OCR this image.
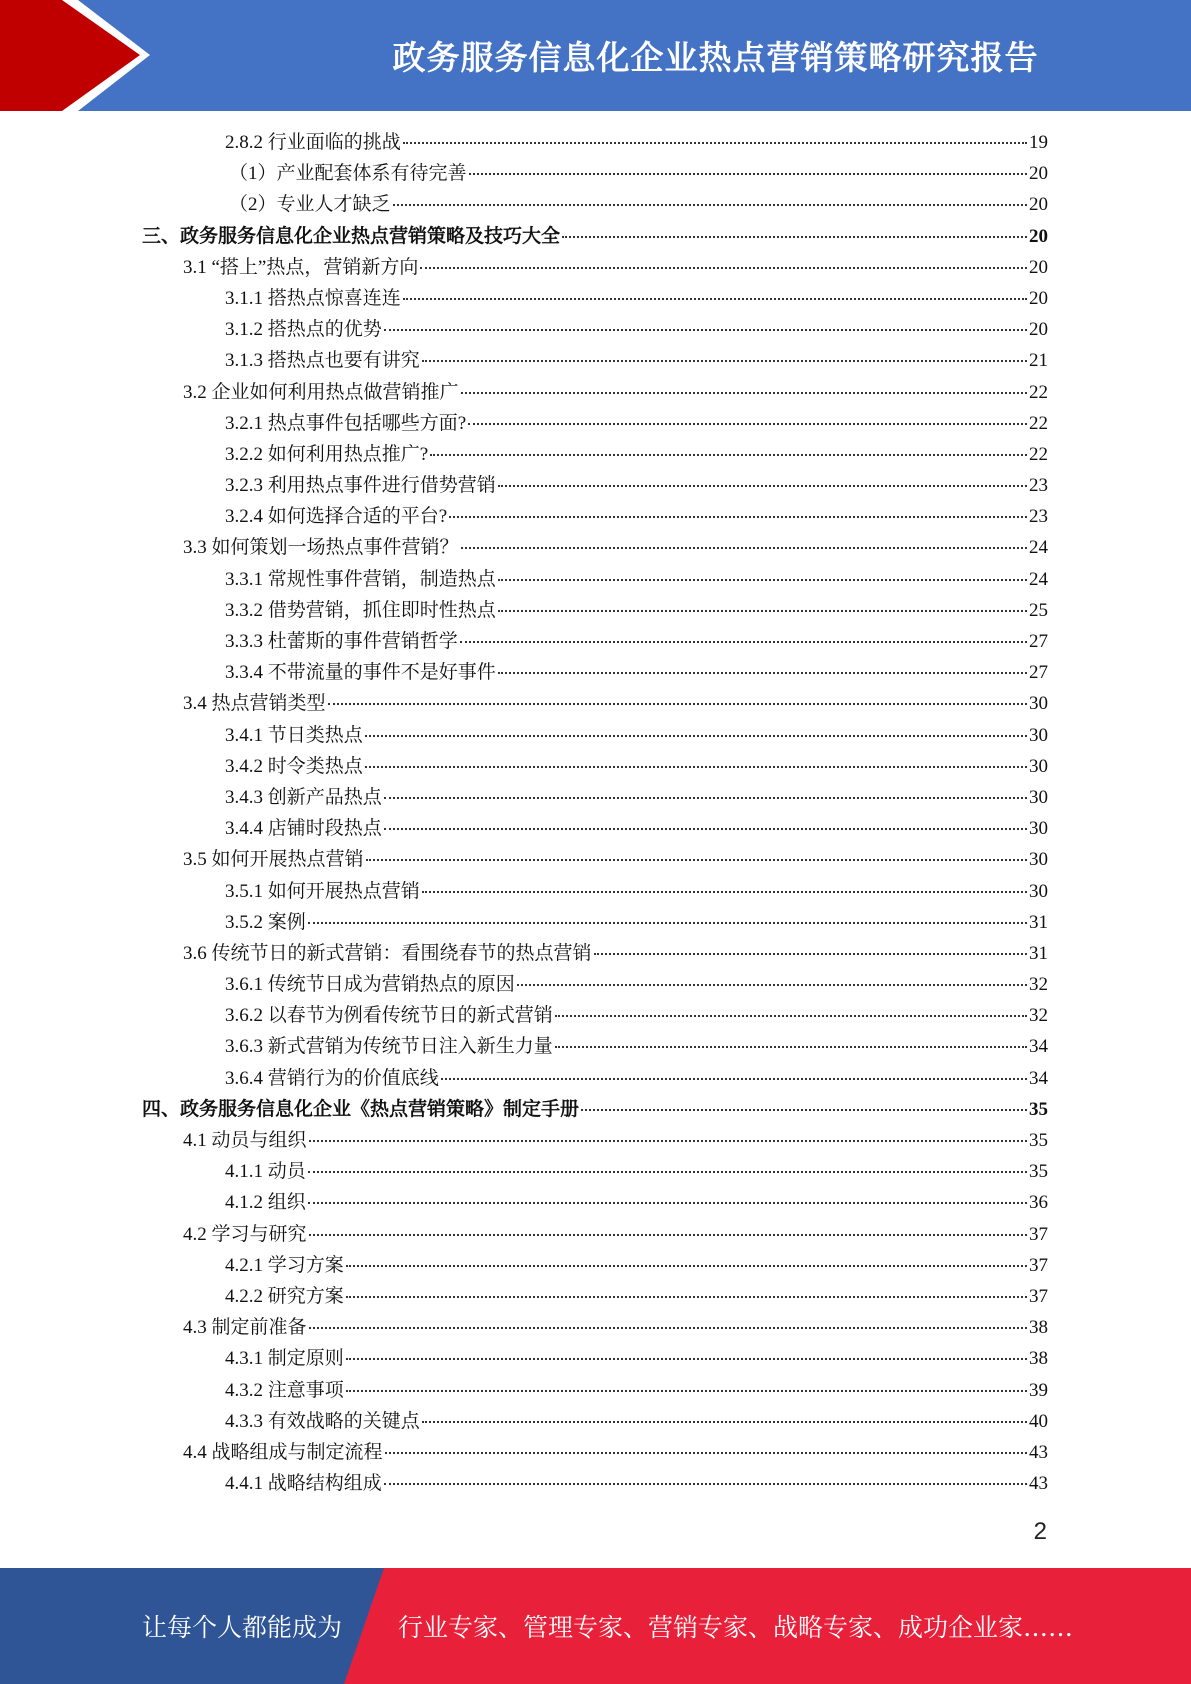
政务服务信息化企业热点营销策略研究报告
2.8.2 行业面临的挑战	19
（1）产业配套体系有待完善	20
（2）专业人才缺乏	20
三、政务服务信息化企业热点营销策略及技巧大全	20
3.1 “搭上”热点，营销新方向	20
3.1.1 搭热点惊喜连连	20
3.1.2 搭热点的优势	20
3.1.3 搭热点也要有讲究	21
3.2 企业如何利用热点做营销推广	22
3.2.1 热点事件包括哪些方面?	22
3.2.2 如何利用热点推广?	22
3.2.3 利用热点事件进行借势营销	23
3.2.4 如何选择合适的平台?	23
3.3 如何策划一场热点事件营销？	24
3.3.1 常规性事件营销，制造热点	24
3.3.2 借势营销，抓住即时性热点	25
3.3.3 杜蕾斯的事件营销哲学	27
3.3.4 不带流量的事件不是好事件	27
3.4 热点营销类型	30
3.4.1 节日类热点	30
3.4.2 时令类热点	30
3.4.3 创新产品热点	30
3.4.4 店铺时段热点	30
3.5 如何开展热点营销	30
3.5.1 如何开展热点营销	30
3.5.2 案例	31
3.6 传统节日的新式营销：看围绕春节的热点营销	31
3.6.1 传统节日成为营销热点的原因	32
3.6.2 以春节为例看传统节日的新式营销	32
3.6.3 新式营销为传统节日注入新生力量	34
3.6.4 营销行为的价值底线	34
四、政务服务信息化企业《热点营销策略》制定手册	35
4.1 动员与组织	35
4.1.1 动员	35
4.1.2 组织	36
4.2 学习与研究	37
4.2.1 学习方案	37
4.2.2 研究方案	37
4.3 制定前准备	38
4.3.1 制定原则	38
4.3.2 注意事项	39
4.3.3 有效战略的关键点	40
4.4 战略组成与制定流程	43
4.4.1 战略结构组成	43
2
让每个人都能成为 行业专家、管理专家、营销专家、战略专家、成功企业家……
